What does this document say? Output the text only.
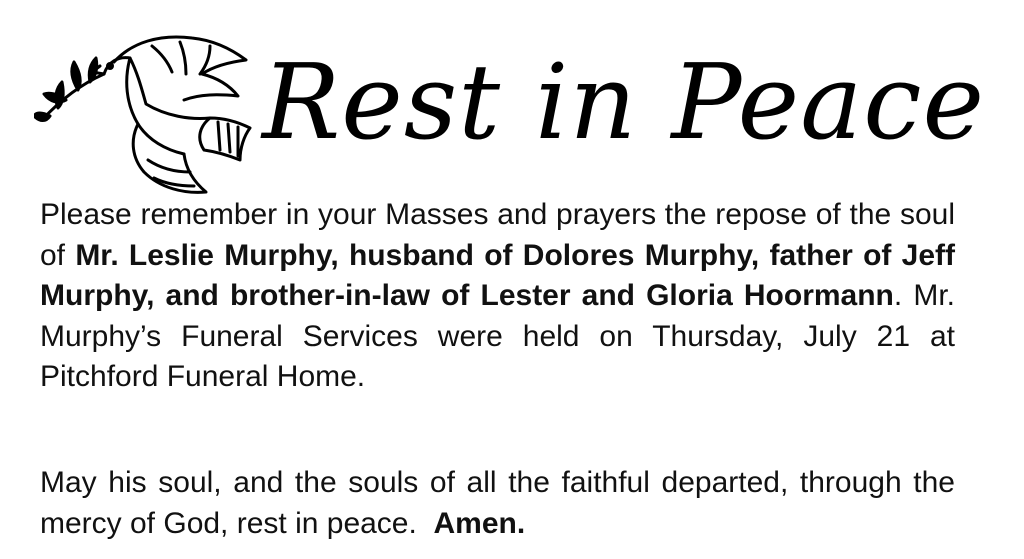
Rest in Peace

Please remember in your Masses and prayers the repose of the soul of Mr. Leslie Murphy, husband of Dolores Murphy, father of Jeff Murphy, and brother-in-law of Lester and Gloria Hoormann. Mr. Murphy’s Funeral Services were held on Thursday, July 21 at Pitchford Funeral Home.

May his soul, and the souls of all the faithful departed, through the mercy of God, rest in peace. Amen.
